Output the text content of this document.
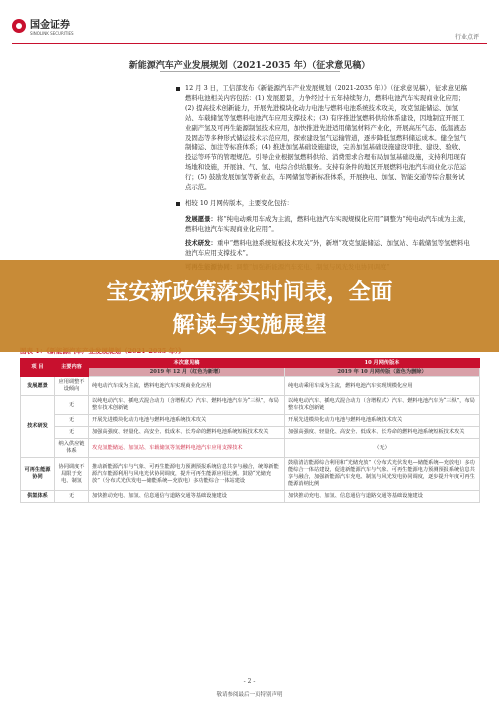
国金证券
SINOLINK SECURITIES
行业点评
新能源汽车产业发展规划（2021-2035 年）（征求意见稿）
12 月 3 日，工信部发布《新能源汽车产业发展规划（2021-2035 年）》（征求意见稿），征求意见稿燃料电池相关内容包括：(1) 发展愿景，力争经过十五年持续努力，燃料电池汽车实现商业化应用；(2) 提高技术创新能力，开展先进模块化动力电池与燃料电池系统技术攻关，攻克氢能储运、加氢站、车载储氢等氢燃料电池汽车应用支撑技术；(3) 有序推进氢燃料供给体系建设，因地制宜开展工业副产氢及可再生能源制氢技术应用，加快推进先进适用储氢材料产业化，开展高压气态、低温液态及固态等多种形式储运技术示范应用，探索建设氢气运输管道，逐步降低氢燃料储运成本。健全氢气制储运、加注等标准体系；(4) 推进加氢基础设施建设，完善加氢基础设施建设审批、建设、验收、投运等环节的管理规范。引导企业根据氢燃料供给、消费需求合理布局加氢基础设施，支持利用现有场地和设施，开展油、气、氢、电综合供给服务。支持有条件的地区开展燃料电池汽车商业化示范运行；(5) 鼓励发展加氢等新业态，车网储氢等新标准体系，开展换电、加氢、智能交通等综合服务试点示范。
相较 10 月网传版本，主要变化包括：
发展愿景：将“纯电动乘用车成为主流，燃料电池汽车实现规模化应用”调整为“纯电动汽车成为主流，燃料电池汽车实现商业化应用”。
技术研发：重申“燃料电池系统短板技术攻关”外，新增“攻克氢能储运、加氢站、车载储氢等氢燃料电池汽车应用支撑技术”。
项 目	主要内容	本次意见稿	10 月网传版本
		2019 年 12 月（红色为新增）	2019 年 10 月网传版（蓝色为删除）
发展愿景	应用调整不设倾向	纯电动汽车成为主流，燃料电池汽车实现商业化应用	纯电动乘用车成为主流，燃料电池汽车实现规模化应用
技术研发	无	以纯电动汽车、插电式混合动力（含增程式）汽车、燃料电池汽车为“三纵”，布局整车技术创新链	以纯电动汽车、插电式混合动力（含增程式）汽车、燃料电池汽车为“三纵”，布局整车技术创新链
	无	开展先进模块化动力电池与燃料电池系统技术攻关	开展先进模块化动力电池与燃料电池系统技术攻关
	无	加强高强度、轻量化、高安全、低成本、长寿命的燃料电池系统短板技术攻关	加强高强度、轻量化、高安全、低成本、长寿命的燃料电池系统短板技术攻关
	纳入供应链体系	攻克氢能储运、加氢站、车载储氢等氢燃料电池汽车应用支撑技术	（无）
可再生能源协同	协同调度不局限于充电、制氢	推动新能源汽车与气象、可再生能源电力预测预报系统信息共享与融合，统筹新能源汽车能源利用与风电光伏协同调度，提升可再生能源应用比例。鼓励“光储充放”（分布式光伏发电—储能系统—充放电）多功能综合一体站建设	鼓励清洁能源综合利用和“光储充放”（分布式光伏发电—储能系统—充放电）多功能综合一体站建设，促进新能源汽车与气象、可再生能源电力预测预报系统信息共享与融合，加强新能源汽车充电、制氢与风光发电协同调度，逐步提升年度可再生能源消纳比例
供氢体系	无	加快推动充电、加氢、信息通信与道路交通等基础设施建设	加快推动充电、加氢、信息通信与道路交通等基础设施建设
宝安新政策落实时间表，全面
解读与实施展望
- 2 -
敬请参阅最后一页特别声明
